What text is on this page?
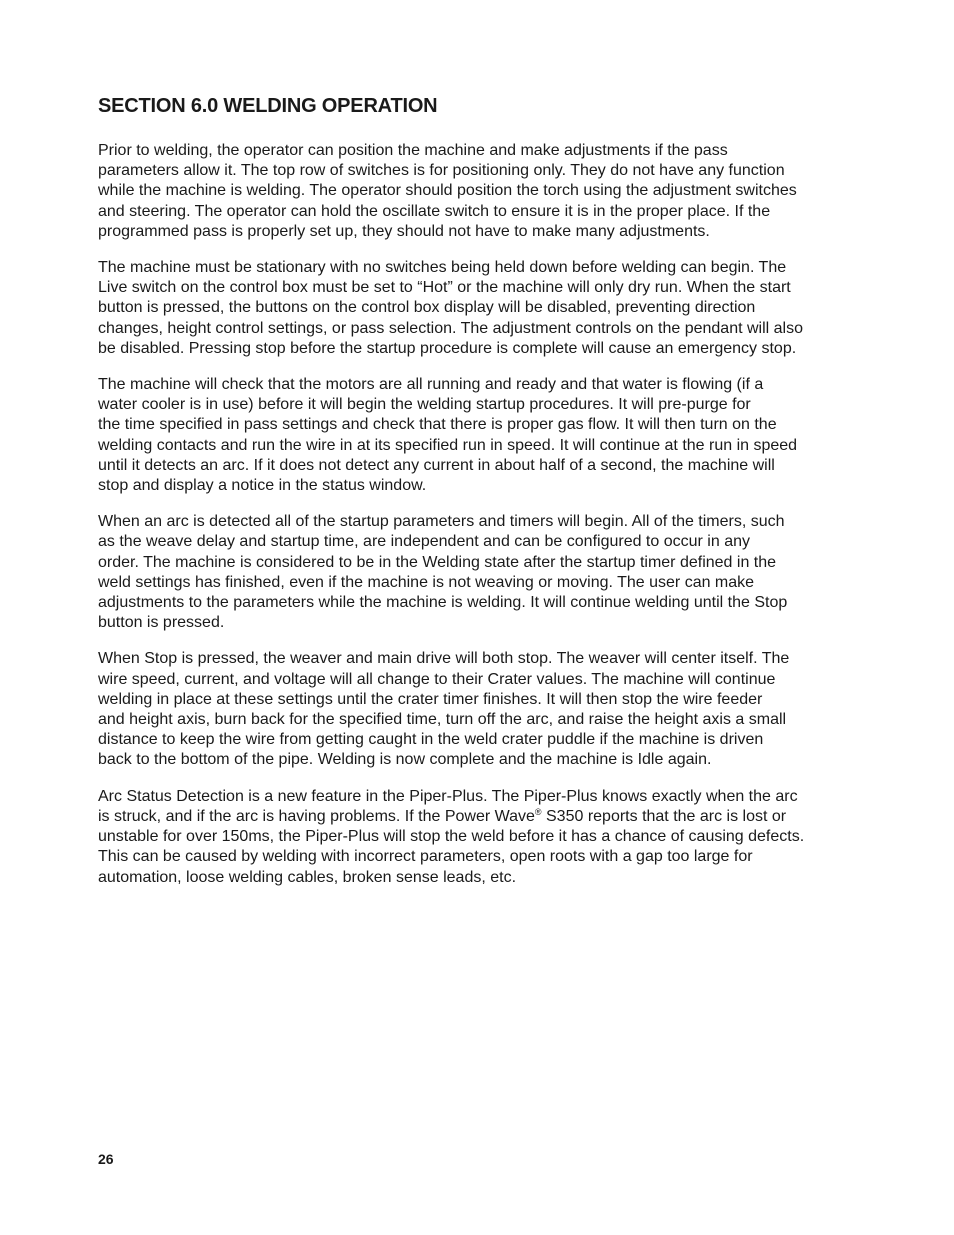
SECTION 6.0 WELDING OPERATION

Prior to welding, the operator can position the machine and make adjustments if the pass
parameters allow it. The top row of switches is for positioning only. They do not have any function
while the machine is welding. The operator should position the torch using the adjustment switches
and steering. The operator can hold the oscillate switch to ensure it is in the proper place. If the
programmed pass is properly set up, they should not have to make many adjustments.

The machine must be stationary with no switches being held down before welding can begin. The
Live switch on the control box must be set to “Hot” or the machine will only dry run. When the start
button is pressed, the buttons on the control box display will be disabled, preventing direction
changes, height control settings, or pass selection. The adjustment controls on the pendant will also
be disabled. Pressing stop before the startup procedure is complete will cause an emergency stop.

The machine will check that the motors are all running and ready and that water is flowing (if a
water cooler is in use) before it will begin the welding startup procedures. It will pre-purge for
the time specified in pass settings and check that there is proper gas flow. It will then turn on the
welding contacts and run the wire in at its specified run in speed. It will continue at the run in speed
until it detects an arc. If it does not detect any current in about half of a second, the machine will
stop and display a notice in the status window.

When an arc is detected all of the startup parameters and timers will begin. All of the timers, such
as the weave delay and startup time, are independent and can be configured to occur in any
order. The machine is considered to be in the Welding state after the startup timer defined in the
weld settings has finished, even if the machine is not weaving or moving. The user can make
adjustments to the parameters while the machine is welding. It will continue welding until the Stop
button is pressed.

When Stop is pressed, the weaver and main drive will both stop. The weaver will center itself. The
wire speed, current, and voltage will all change to their Crater values. The machine will continue
welding in place at these settings until the crater timer finishes. It will then stop the wire feeder
and height axis, burn back for the specified time, turn off the arc, and raise the height axis a small
distance to keep the wire from getting caught in the weld crater puddle if the machine is driven
back to the bottom of the pipe. Welding is now complete and the machine is Idle again.

Arc Status Detection is a new feature in the Piper-Plus. The Piper-Plus knows exactly when the arc
is struck, and if the arc is having problems. If the Power Wave® S350 reports that the arc is lost or
unstable for over 150ms, the Piper-Plus will stop the weld before it has a chance of causing defects.
This can be caused by welding with incorrect parameters, open roots with a gap too large for
automation, loose welding cables, broken sense leads, etc.

26
